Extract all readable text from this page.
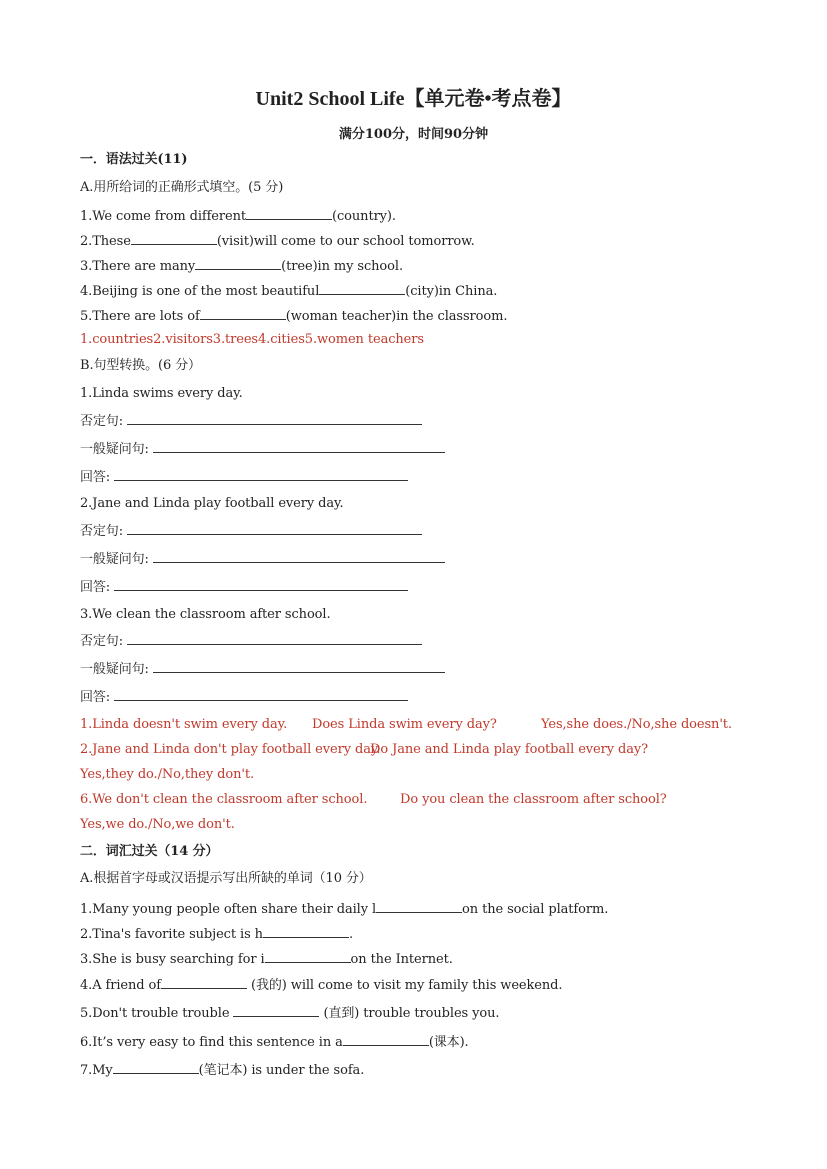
Unit2 School Life【单元卷•考点卷】
满分100分，时间90分钟
一．语法过关(11)
A.用所给词的正确形式填空。(5 分)
1.We come from different	(country).
2.These	(visit)will come to our school tomorrow.
3.There are many	(tree)in my school.
4.Beijing is one of the most beautiful	(city)in China.
5.There are lots of	(woman teacher)in the classroom.
1.countries2.visitors3.trees4.cities5.women teachers
B.句型转换。(6 分）
1.Linda swims every day.
否定句:
一般疑问句:
回答:
2.Jane and Linda play football every day.
否定句:
一般疑问句:
回答:
3.We clean the classroom after school.
否定句:
一般疑问句:
回答:
1.Linda doesn't swim every day. Does Linda swim every day?	Yes,she does./No,she doesn't.
2.Jane and Linda don't play football every day.
Do Jane and Linda play football every day?
Yes,they do./No,they don't.
6.We don't clean the classroom after school.	Do you clean the classroom after school?
Yes,we do./No,we don't.
二．词汇过关（14 分）
A.根据首字母或汉语提示写出所缺的单词（10 分）
1.Many young people often share their daily l	on the social platform.
2.Tina's favorite subject is h	.
3.She is busy searching for i	on the Internet.
4.A friend of	(我的) will come to visit my family this weekend.
5.Don't trouble trouble	(直到) trouble troubles you.
6.It’s very easy to find this sentence in a	(课本).
7.My	(笔记本) is under the sofa.
